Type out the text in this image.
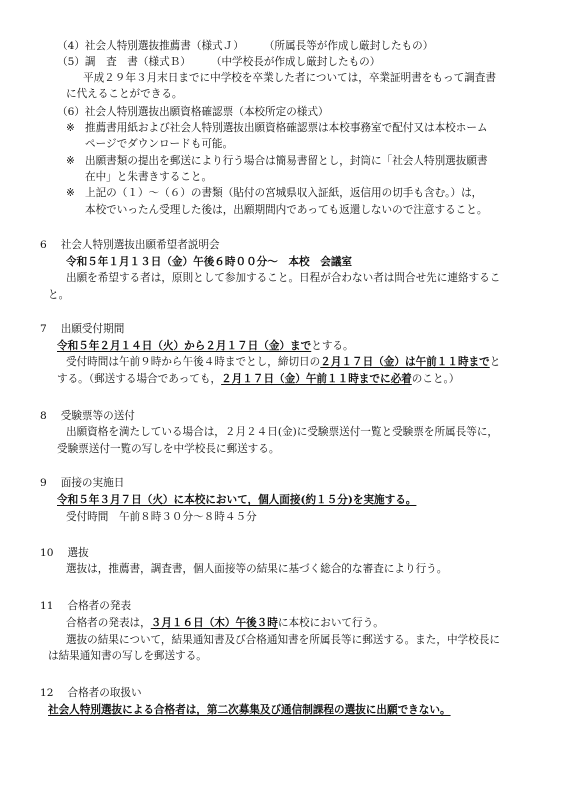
（4）社会人特別選抜推薦書（様式Ｊ） （所属長等が作成し厳封したもの）
（5）調　査　書（様式Ｂ） （中学校長が作成し厳封したもの）
平成２９年３月末日までに中学校を卒業した者については，卒業証明書をもって調査書
に代えることができる。
（6）社会人特別選抜出願資格確認票（本校所定の様式）
※ 推薦書用紙および社会人特別選抜出願資格確認票は本校事務室で配付又は本校ホーム
ページでダウンロードも可能。
※ 出願書類の提出を郵送により行う場合は簡易書留とし，封筒に「社会人特別選抜願書
在中」と朱書きすること。
※ 上記の（１）～（６）の書類（貼付の宮城県収入証紙，返信用の切手も含む。）は，
本校でいったん受理した後は，出願期間内であっても返還しないので注意すること。
6 社会人特別選抜出願希望者説明会
令和５年１月１３日（金）午後６時００分～　本校　会議室
出願を希望する者は，原則として参加すること。日程が合わない者は問合せ先に連絡するこ
と。
7 出願受付期間
令和５年２月１４日（火）から２月１７日（金）までとする。
受付時間は午前９時から午後４時までとし，締切日の２月１７日（金）は午前１１時までと
する。（郵送する場合であっても，２月１７日（金）午前１１時までに必着のこと。）
8 受験票等の送付
出願資格を満たしている場合は，２月２４日(金)に受験票送付一覧と受験票を所属長等に，
受験票送付一覧の写しを中学校長に郵送する。
9 面接の実施日
令和５年３月７日（火）に本校において，個人面接(約１５分)を実施する。
受付時間　午前８時３０分～８時４５分
10 選抜
選抜は，推薦書，調査書，個人面接等の結果に基づく総合的な審査により行う。
11 合格者の発表
合格者の発表は，３月１６日（木）午後３時に本校において行う。
選抜の結果について，結果通知書及び合格通知書を所属長等に郵送する。また，中学校長に
は結果通知書の写しを郵送する。
12 合格者の取扱い
社会人特別選抜による合格者は，第二次募集及び通信制課程の選抜に出願できない。
